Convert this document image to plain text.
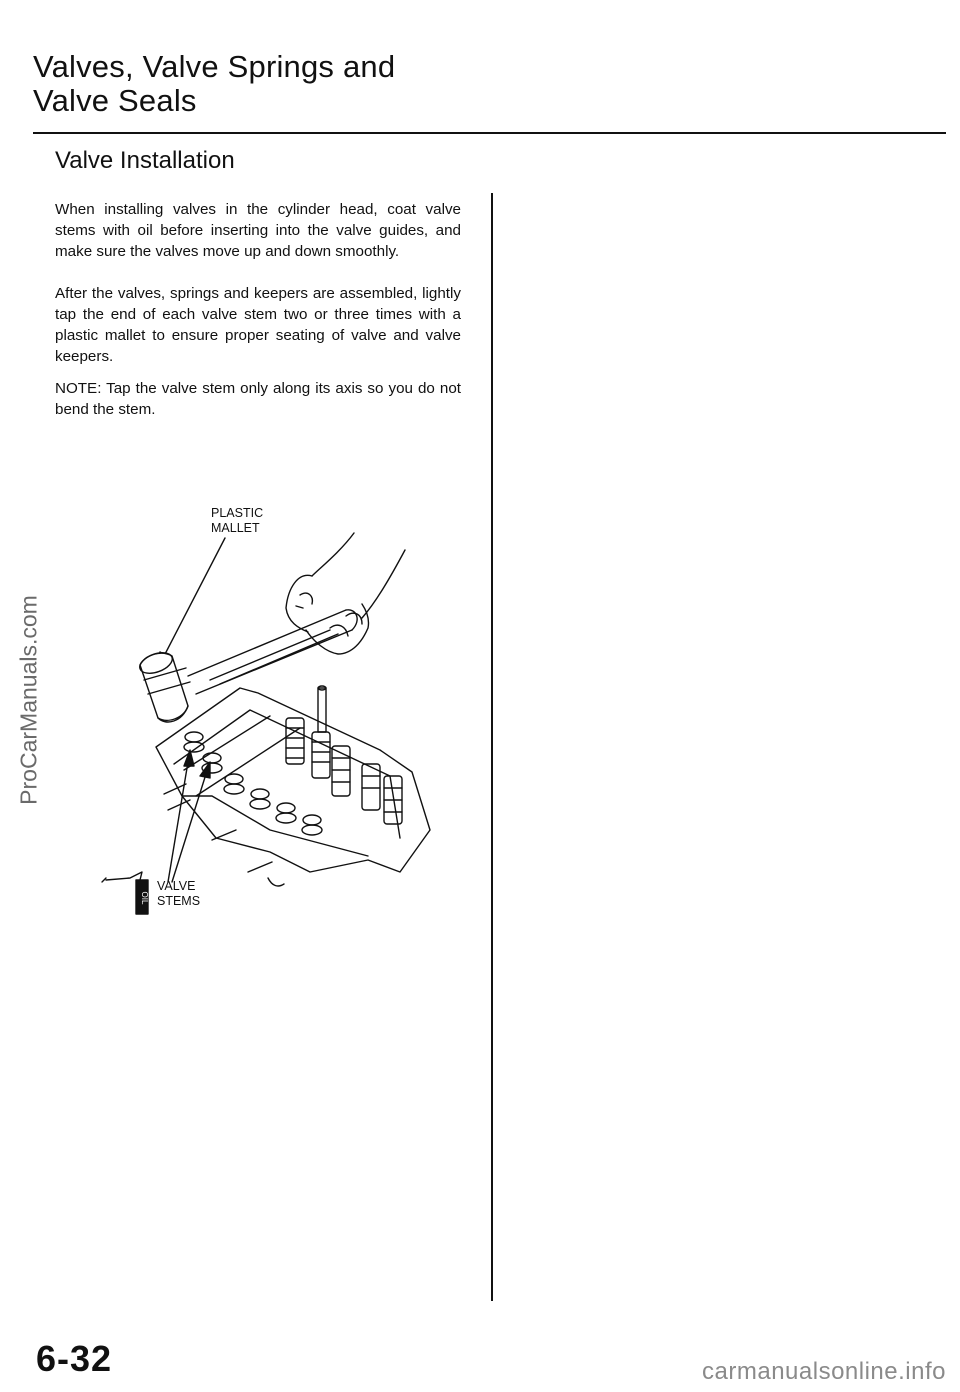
Valves, Valve Springs and
Valve Seals
Valve Installation

When installing valves in the cylinder head, coat valve stems with oil before inserting into the valve guides, and make sure the valves move up and down smoothly.

After the valves, springs and keepers are assembled, lightly tap the end of each valve stem two or three times with a plastic mallet to ensure proper seating of valve and valve keepers.

NOTE: Tap the valve stem only along its axis so you do not bend the stem.

PLASTIC
MALLET
VALVE
STEMS
OIL
ProCarManuals.com
6-32	carmanualsonline.info
